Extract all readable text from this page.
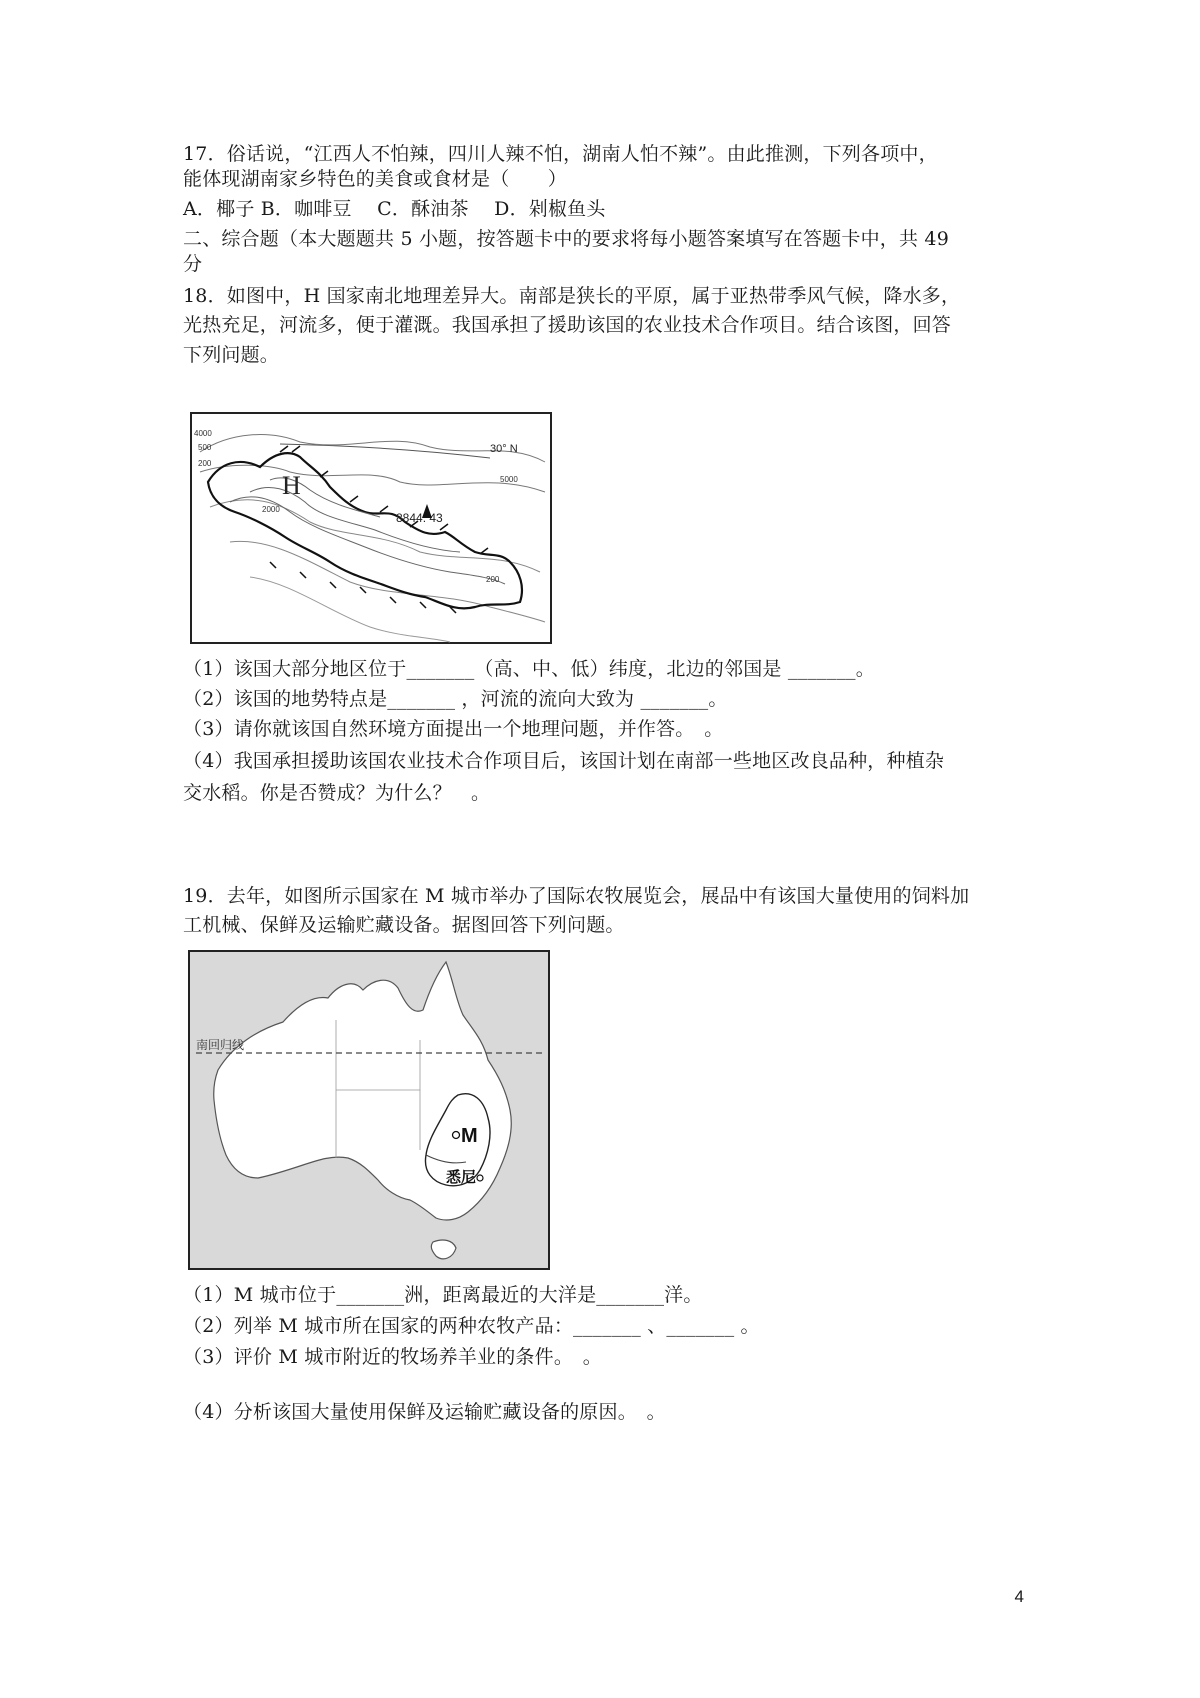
17．俗话说，“江西人不怕辣，四川人辣不怕，湖南人怕不辣”。由此推测，下列各项中，
能体现湖南家乡特色的美食或食材是（　　）
A．椰子 B．咖啡豆　 C．酥油茶　 D．剁椒鱼头
二、综合题（本大题题共 5 小题，按答题卡中的要求将每小题答案填写在答题卡中，共 49
分
18．如图中，H 国家南北地理差异大。南部是狭长的平原，属于亚热带季风气候，降水多，
光热充足，河流多，便于灌溉。我国承担了援助该国的农业技术合作项目。结合该图，回答
下列问题。
30° N
H
8844. 43
4000
500
200
2000
5000
200
（1）该国大部分地区位于_______（高、中、低）纬度，北边的邻国是 _______。
（2）该国的地势特点是_______ ，河流的流向大致为 _______。
（3）请你就该国自然环境方面提出一个地理问题，并作答。　。
（4）我国承担援助该国农业技术合作项目后，该国计划在南部一些地区改良品种，种植杂
交水稻。你是否赞成？为什么？　。
19．去年，如图所示国家在 M 城市举办了国际农牧展览会，展品中有该国大量使用的饲料加
工机械、保鲜及运输贮藏设备。据图回答下列问题。
南回归线
M
悉尼
（1）M 城市位于_______洲，距离最近的大洋是_______洋。
（2）列举 M 城市所在国家的两种农牧产品：_______ 、_______ 。
（3）评价 M 城市附近的牧场养羊业的条件。　。
（4）分析该国大量使用保鲜及运输贮藏设备的原因。　。
4
